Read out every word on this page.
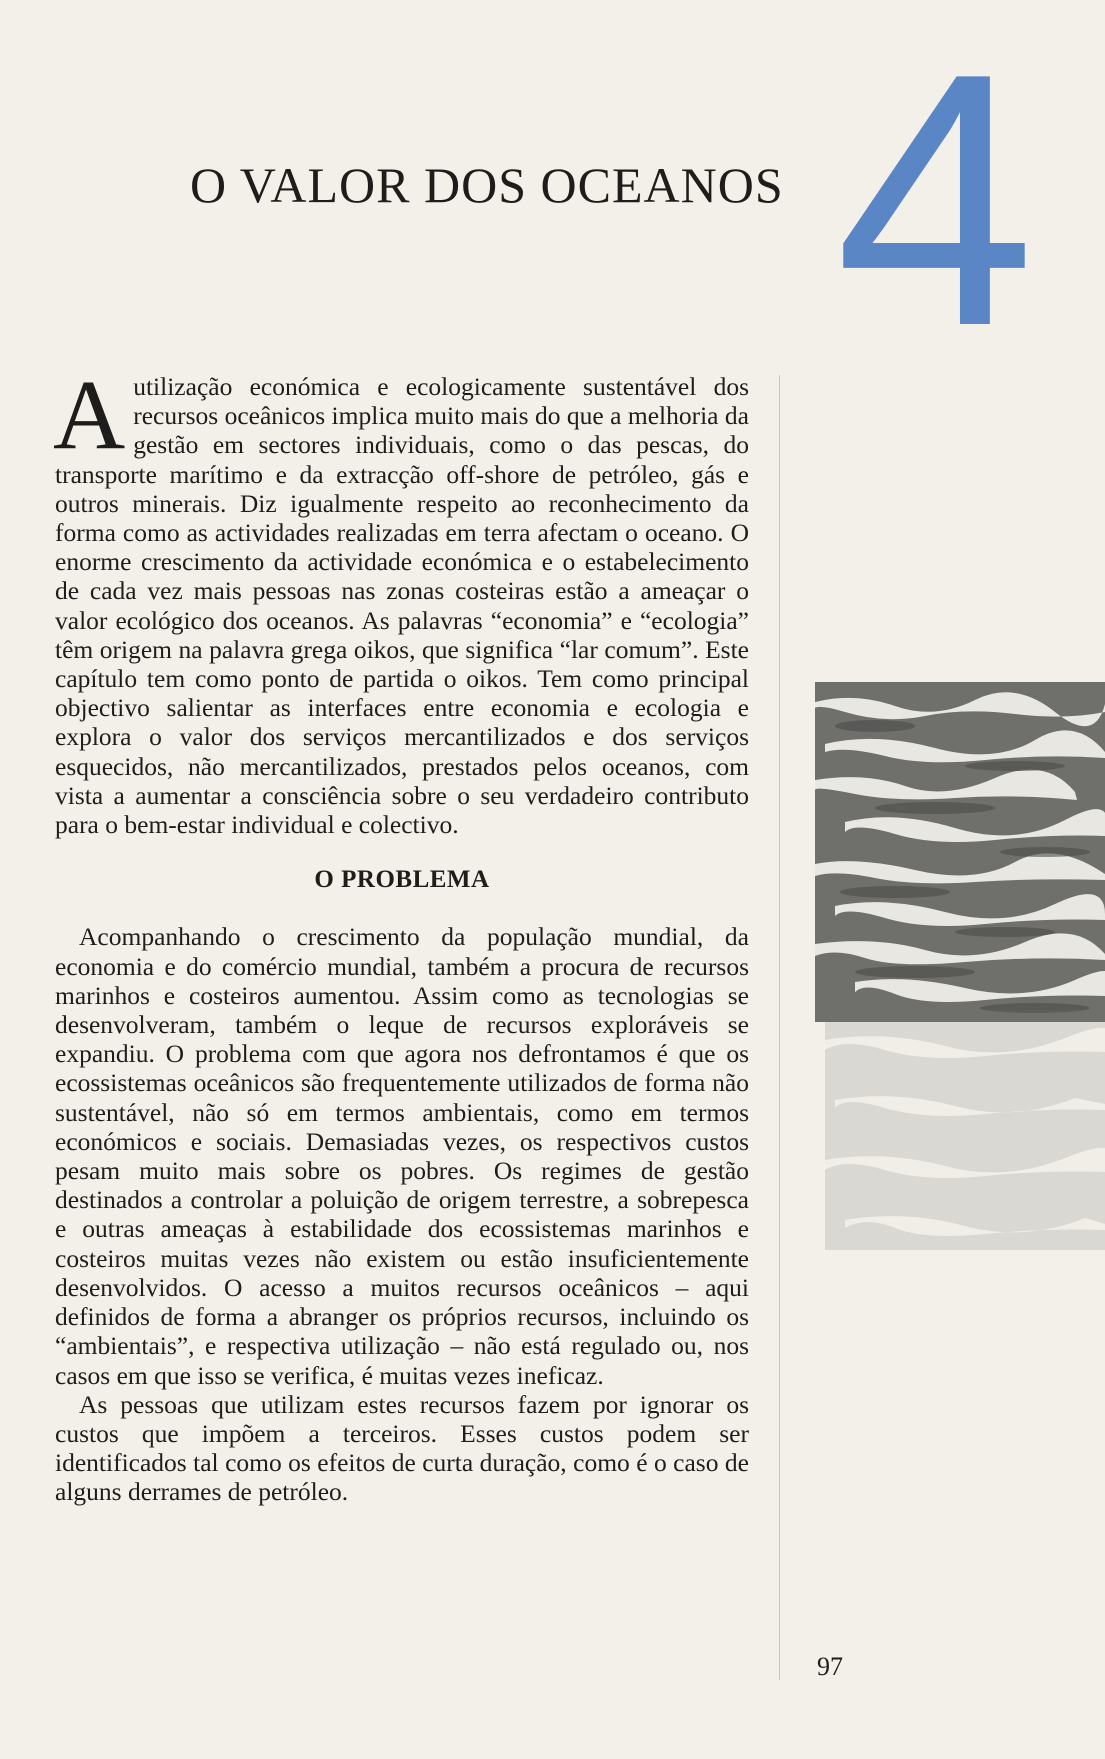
O VALOR DOS OCEANOS 4

Autilização económica e ecologicamente sustentável dos recursos oceânicos implica muito mais do que a melhoria da gestão em sectores individuais, como o das pescas, do transporte marítimo e da extracção off-shore de petróleo, gás e outros minerais. Diz igualmente respeito ao reconhecimento da forma como as actividades realizadas em terra afectam o oceano. O enorme crescimento da actividade económica e o estabelecimento de cada vez mais pessoas nas zonas costeiras estão a ameaçar o valor ecológico dos oceanos. As palavras “economia” e “ecologia” têm origem na palavra grega oikos, que significa “lar comum”. Este capítulo tem como ponto de partida o oikos. Tem como principal objectivo salientar as interfaces entre economia e ecologia e explora o valor dos serviços mercantilizados e dos serviços esquecidos, não mercantilizados, prestados pelos oceanos, com vista a aumentar a consciência sobre o seu verdadeiro contributo para o bem-estar individual e colectivo.

O PROBLEMA

Acompanhando o crescimento da população mundial, da economia e do comércio mundial, também a procura de recursos marinhos e costeiros aumentou. Assim como as tecnologias se desenvolveram, também o leque de recursos exploráveis se expandiu. O problema com que agora nos defrontamos é que os ecossistemas oceânicos são frequentemente utilizados de forma não sustentável, não só em termos ambientais, como em termos económicos e sociais. Demasiadas vezes, os respectivos custos pesam muito mais sobre os pobres. Os regimes de gestão destinados a controlar a poluição de origem terrestre, a sobrepesca e outras ameaças à estabilidade dos ecossistemas marinhos e costeiros muitas vezes não existem ou estão insuficientemente desenvolvidos. O acesso a muitos recursos oceânicos – aqui definidos de forma a abranger os próprios recursos, incluindo os “ambientais”, e respectiva utilização – não está regulado ou, nos casos em que isso se verifica, é muitas vezes ineficaz.

As pessoas que utilizam estes recursos fazem por ignorar os custos que impõem a terceiros. Esses custos podem ser identificados tal como os efeitos de curta duração, como é o caso de alguns derrames de petróleo.

97
